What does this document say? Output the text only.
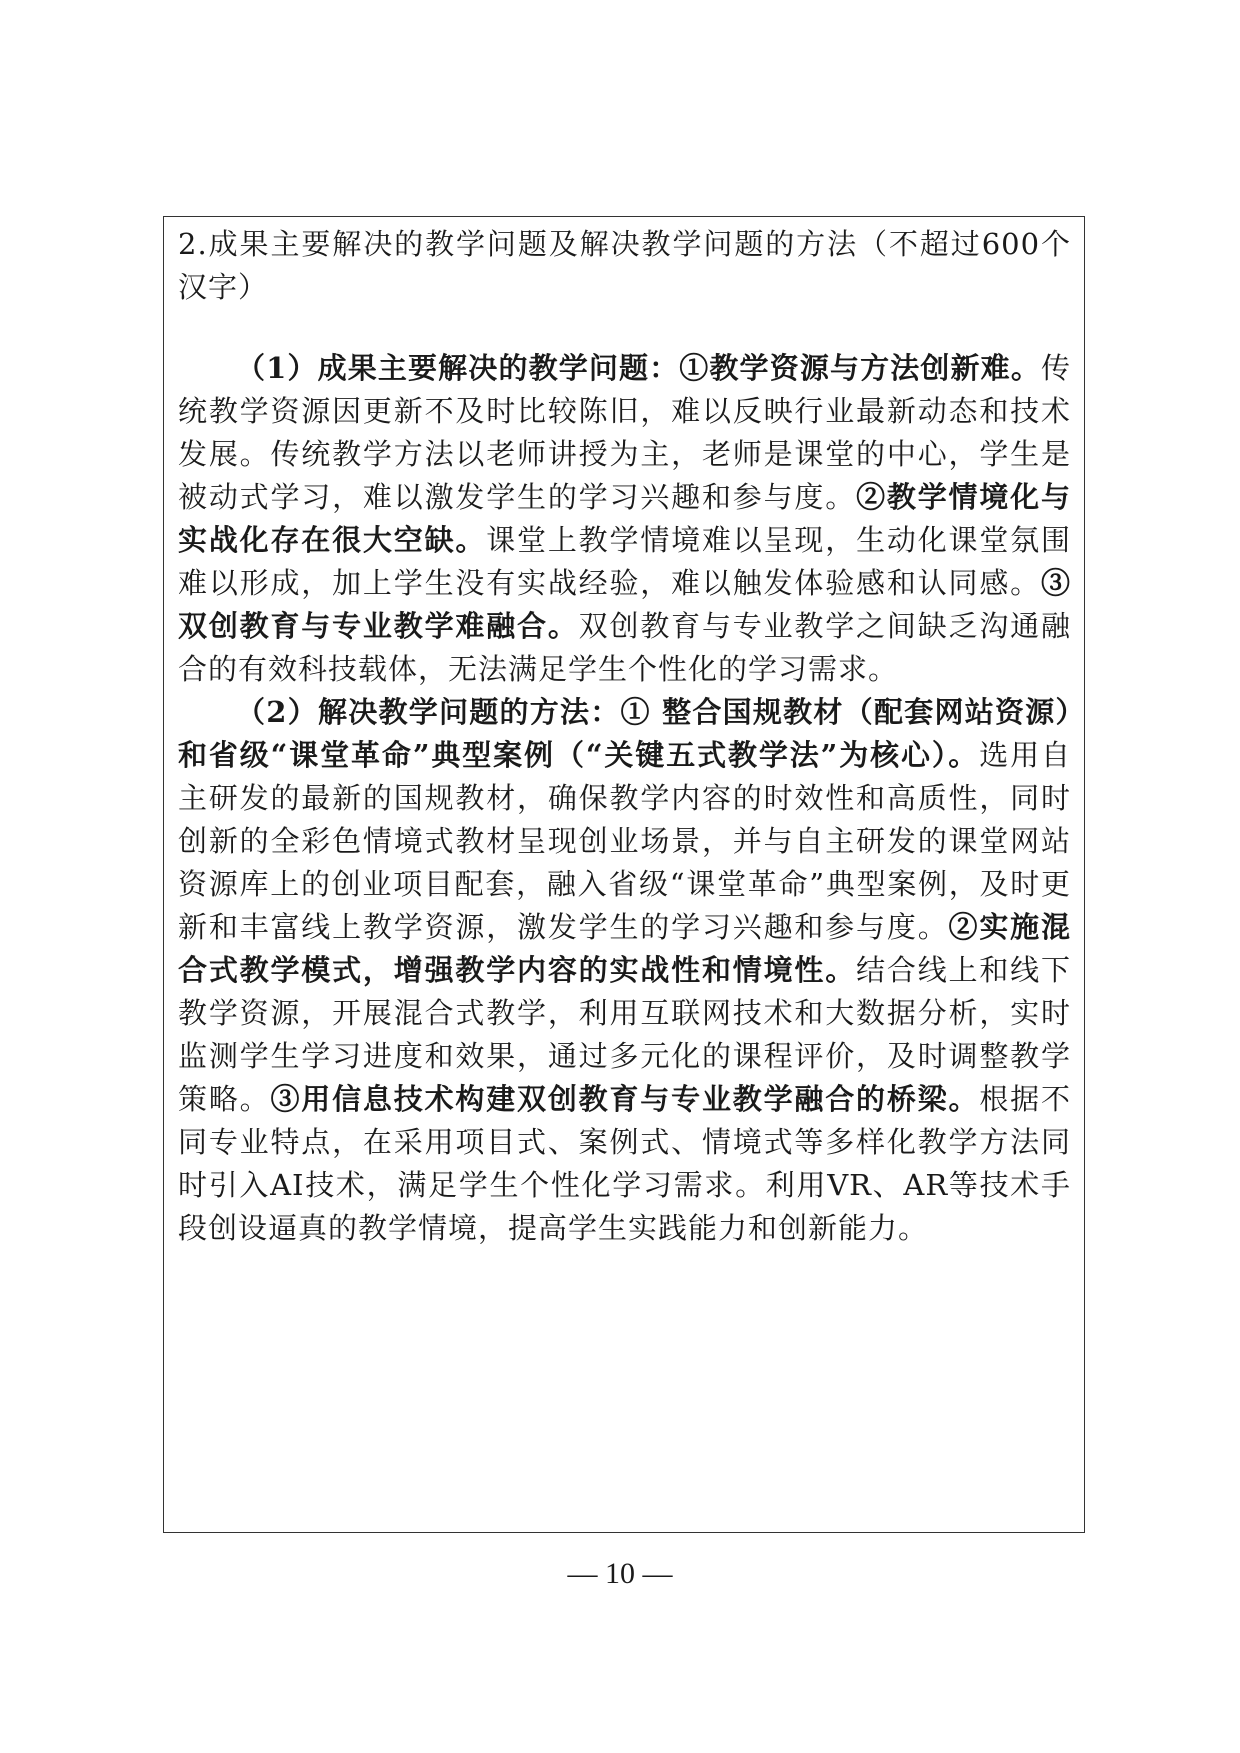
2.成果主要解决的教学问题及解决教学问题的方法（不超过600个汉字）

（1）成果主要解决的教学问题：①教学资源与方法创新难。传统教学资源因更新不及时比较陈旧，难以反映行业最新动态和技术发展。传统教学方法以老师讲授为主，老师是课堂的中心，学生是被动式学习，难以激发学生的学习兴趣和参与度。②教学情境化与实战化存在很大空缺。课堂上教学情境难以呈现，生动化课堂氛围难以形成，加上学生没有实战经验，难以触发体验感和认同感。③双创教育与专业教学难融合。双创教育与专业教学之间缺乏沟通融合的有效科技载体，无法满足学生个性化的学习需求。

（2）解决教学问题的方法：① 整合国规教材（配套网站资源）和省级“课堂革命”典型案例（“关键五式教学法”为核心）。选用自主研发的最新的国规教材，确保教学内容的时效性和高质性，同时创新的全彩色情境式教材呈现创业场景，并与自主研发的课堂网站资源库上的创业项目配套，融入省级“课堂革命”典型案例，及时更新和丰富线上教学资源，激发学生的学习兴趣和参与度。②实施混合式教学模式，增强教学内容的实战性和情境性。结合线上和线下教学资源，开展混合式教学，利用互联网技术和大数据分析，实时监测学生学习进度和效果，通过多元化的课程评价，及时调整教学策略。③用信息技术构建双创教育与专业教学融合的桥梁。根据不同专业特点，在采用项目式、案例式、情境式等多样化教学方法同时引入AI技术，满足学生个性化学习需求。利用VR、AR等技术手段创设逼真的教学情境，提高学生实践能力和创新能力。

— 10 —
